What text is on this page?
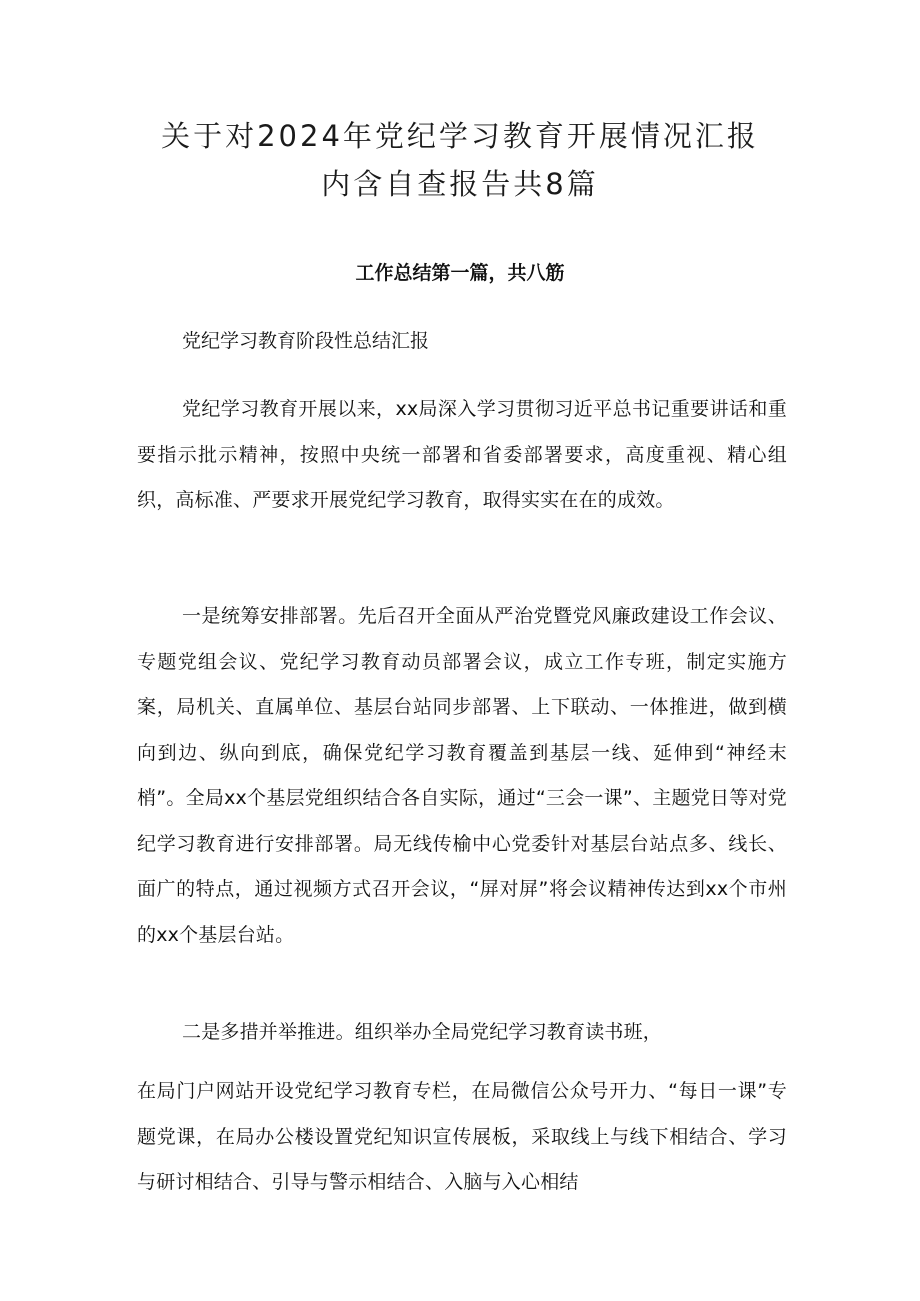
关于对2024年党纪学习教育开展情况汇报
内含自查报告共8篇
工作总结第一篇，共八筋

党纪学习教育阶段性总结汇报

党纪学习教育开展以来，xx局深入学习贯彻习近平总书记重要讲话和重要指示批示精神，按照中央统一部署和省委部署要求，高度重视、精心组织，高标准、严要求开展党纪学习教育，取得实实在在的成效。

一是统筹安排部署。先后召开全面从严治党暨党风廉政建设工作会议、专题党组会议、党纪学习教育动员部署会议，成立工作专班，制定实施方案，局机关、直属单位、基层台站同步部署、上下联动、一体推进，做到横向到边、纵向到底，确保党纪学习教育覆盖到基层一线、延伸到“神经末梢”。全局xx个基层党组织结合各自实际，通过“三会一课”、主题党日等对党纪学习教育进行安排部署。局无线传榆中心党委针对基层台站点多、线长、面广的特点，通过视频方式召开会议，“屏对屏”将会议精神传达到xx个市州的xx个基层台站。

二是多措并举推进。组织举办全局党纪学习教育读书班，

在局门户网站开设党纪学习教育专栏，在局微信公众号开力、“每日一课”专题党课，在局办公楼设置党纪知识宣传展板，采取线上与线下相结合、学习与研讨相结合、引导与警示相结合、入脑与入心相结
